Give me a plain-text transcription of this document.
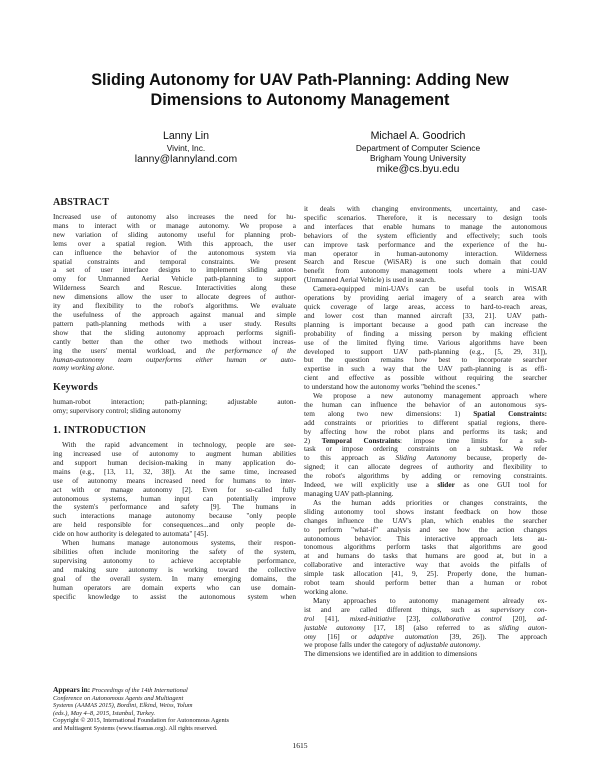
Sliding Autonomy for UAV Path-Planning: Adding New
Dimensions to Autonomy Management
Lanny Lin
Vivint, Inc.
lanny@lannyland.com
Michael A. Goodrich
Department of Computer Science
Brigham Young University
mike@cs.byu.edu
ABSTRACT
Increased use of autonomy also increases the need for hu-
mans to interact with or manage autonomy. We propose a
new variation of sliding autonomy useful for planning prob-
lems over a spatial region. With this approach, the user
can influence the behavior of the autonomous system via
spatial constraints and temporal constraints. We present
a set of user interface designs to implement sliding auton-
omy for Unmanned Aerial Vehicle path-planning to support
Wilderness Search and Rescue. Interactivities along these
new dimensions allow the user to allocate degrees of author-
ity and flexibility to the robot's algorithms. We evaluate
the usefulness of the approach against manual and simple
pattern path-planning methods with a user study. Results
show that the sliding autonomy approach performs signifi-
cantly better than the other two methods without increas-
ing the users' mental workload, and the performance of the
human-autonomy team outperforms either human or auto-
nomy working alone.
Keywords
human-robot interaction; path-planning; adjustable auton-
omy; supervisory control; sliding autonomy
1. INTRODUCTION
With the rapid advancement in technology, people are see-
ing increased use of autonomy to augment human abilities
and support human decision-making in many application do-
mains (e.g., [13, 11, 32, 38]). At the same time, increased
use of autonomy means increased need for humans to inter-
act with or manage autonomy [2]. Even for so-called fully
autonomous systems, human input can potentially improve
the system's performance and safety [9]. The humans in
such interactions manage autonomy because "only people
are held responsible for consequences...and only people de-
cide on how authority is delegated to automata" [45].
When humans manage autonomous systems, their respon-
sibilities often include monitoring the safety of the system,
supervising autonomy to achieve acceptable performance,
and making sure autonomy is working toward the collective
goal of the overall system. In many emerging domains, the
human operators are domain experts who can use domain-
specific knowledge to assist the autonomous system when
Appears in: Proceedings of the 14th International
Conference on Autonomous Agents and Multiagent
Systems (AAMAS 2015), Bordini, Elkind, Weiss, Yolum
(eds.), May 4–8, 2015, Istanbul, Turkey.
Copyright © 2015, International Foundation for Autonomous Agents
and Multiagent Systems (www.ifaamas.org). All rights reserved.
it deals with changing environments, uncertainty, and case-
specific scenarios. Therefore, it is necessary to design tools
and interfaces that enable humans to manage the autonomous
behaviors of the system efficiently and effectively; such tools
can improve task performance and the experience of the hu-
man operator in human-autonomy interaction. Wilderness
Search and Rescue (WiSAR) is one such domain that could
benefit from autonomy management tools where a mini-UAV
(Unmanned Aerial Vehicle) is used in search.
Camera-equipped mini-UAVs can be useful tools in WiSAR
operations by providing aerial imagery of a search area with
quick coverage of large areas, access to hard-to-reach areas,
and lower cost than manned aircraft [33, 21]. UAV path-
planning is important because a good path can increase the
probability of finding a missing person by making efficient
use of the limited flying time. Various algorithms have been
developed to support UAV path-planning (e.g., [5, 29, 31]),
but the question remains how best to incorporate searcher
expertise in such a way that the UAV path-planning is as effi-
cient and effective as possible without requiring the searcher
to understand how the autonomy works "behind the scenes."
We propose a new autonomy management approach where
the human can influence the behavior of an autonomous sys-
tem along two new dimensions: 1) Spatial Constraints:
add constraints or priorities to different spatial regions, there-
by affecting how the robot plans and performs its task; and
2) Temporal Constraints: impose time limits for a sub-
task or impose ordering constraints on a subtask. We refer
to this approach as Sliding Autonomy because, properly de-
signed; it can allocate degrees of authority and flexibility to
the robot's algorithms by adding or removing constraints.
Indeed, we will explicitly use a slider as one GUI tool for
managing UAV path-planning.
As the human adds priorities or changes constraints, the
sliding autonomy tool shows instant feedback on how those
changes influence the UAV's plan, which enables the searcher
to perform "what-if" analysis and see how the action changes
autonomous behavior. This interactive approach lets au-
tonomous algorithms perform tasks that algorithms are good
at and humans do tasks that humans are good at, but in a
collaborative and interactive way that avoids the pitfalls of
simple task allocation [41, 9, 25]. Properly done, the human-
robot team should perform better than a human or robot
working alone.
Many approaches to autonomy management already ex-
ist and are called different things, such as supervisory con-
trol [41], mixed-initiative [23], collaborative control [20], ad-
justable autonomy [17, 18] (also referred to as sliding auton-
omy [16] or adaptive automation [39, 26]). The approach
we propose falls under the category of adjustable autonomy.
The dimensions we identified are in addition to dimensions
1615
